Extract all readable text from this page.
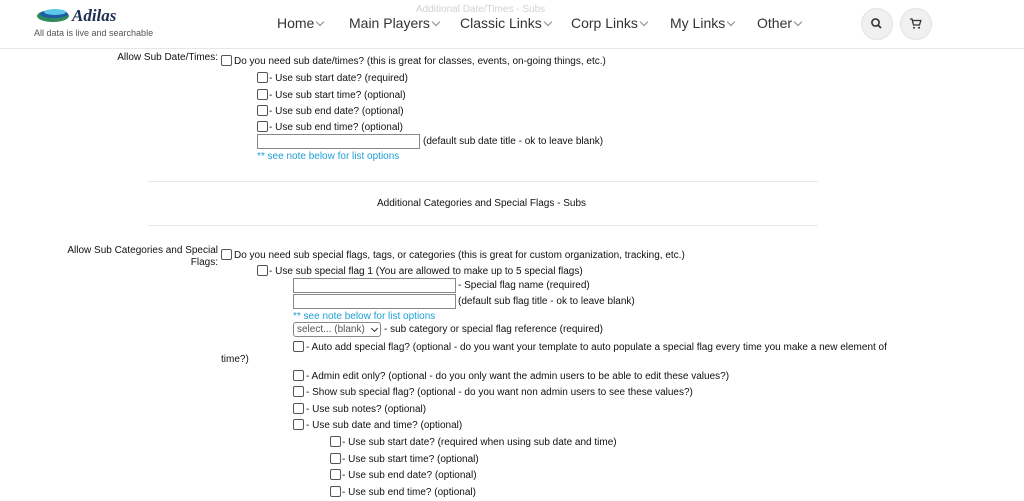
Additional Date/Times - Subs
Adilas
All data is live and searchable
Home	Main Players	Classic Links	Corp Links	My Links	Other
Allow Sub Date/Times: Do you need sub date/times? (this is great for classes, events, on-going things, etc.)
- Use sub start date? (required)
- Use sub start time? (optional)
- Use sub end date? (optional)
- Use sub end time? (optional)
(default sub date title - ok to leave blank)
** see note below for list options
Additional Categories and Special Flags - Subs
Allow Sub Categories and Special
Flags:
Do you need sub special flags, tags, or categories (this is great for custom organization, tracking, etc.)
- Use sub special flag 1 (You are allowed to make up to 5 special flags)
- Special flag name (required)
(default sub flag title - ok to leave blank)
** see note below for list options
select... (blank)	- sub category or special flag reference (required)
- Auto add special flag? (optional - do you want your template to auto populate a special flag every time you make a new element of
time?)
- Admin edit only? (optional - do you only want the admin users to be able to edit these values?)
- Show sub special flag? (optional - do you want non admin users to see these values?)
- Use sub notes? (optional)
- Use sub date and time? (optional)
- Use sub start date? (required when using sub date and time)
- Use sub start time? (optional)
- Use sub end date? (optional)
- Use sub end time? (optional)
